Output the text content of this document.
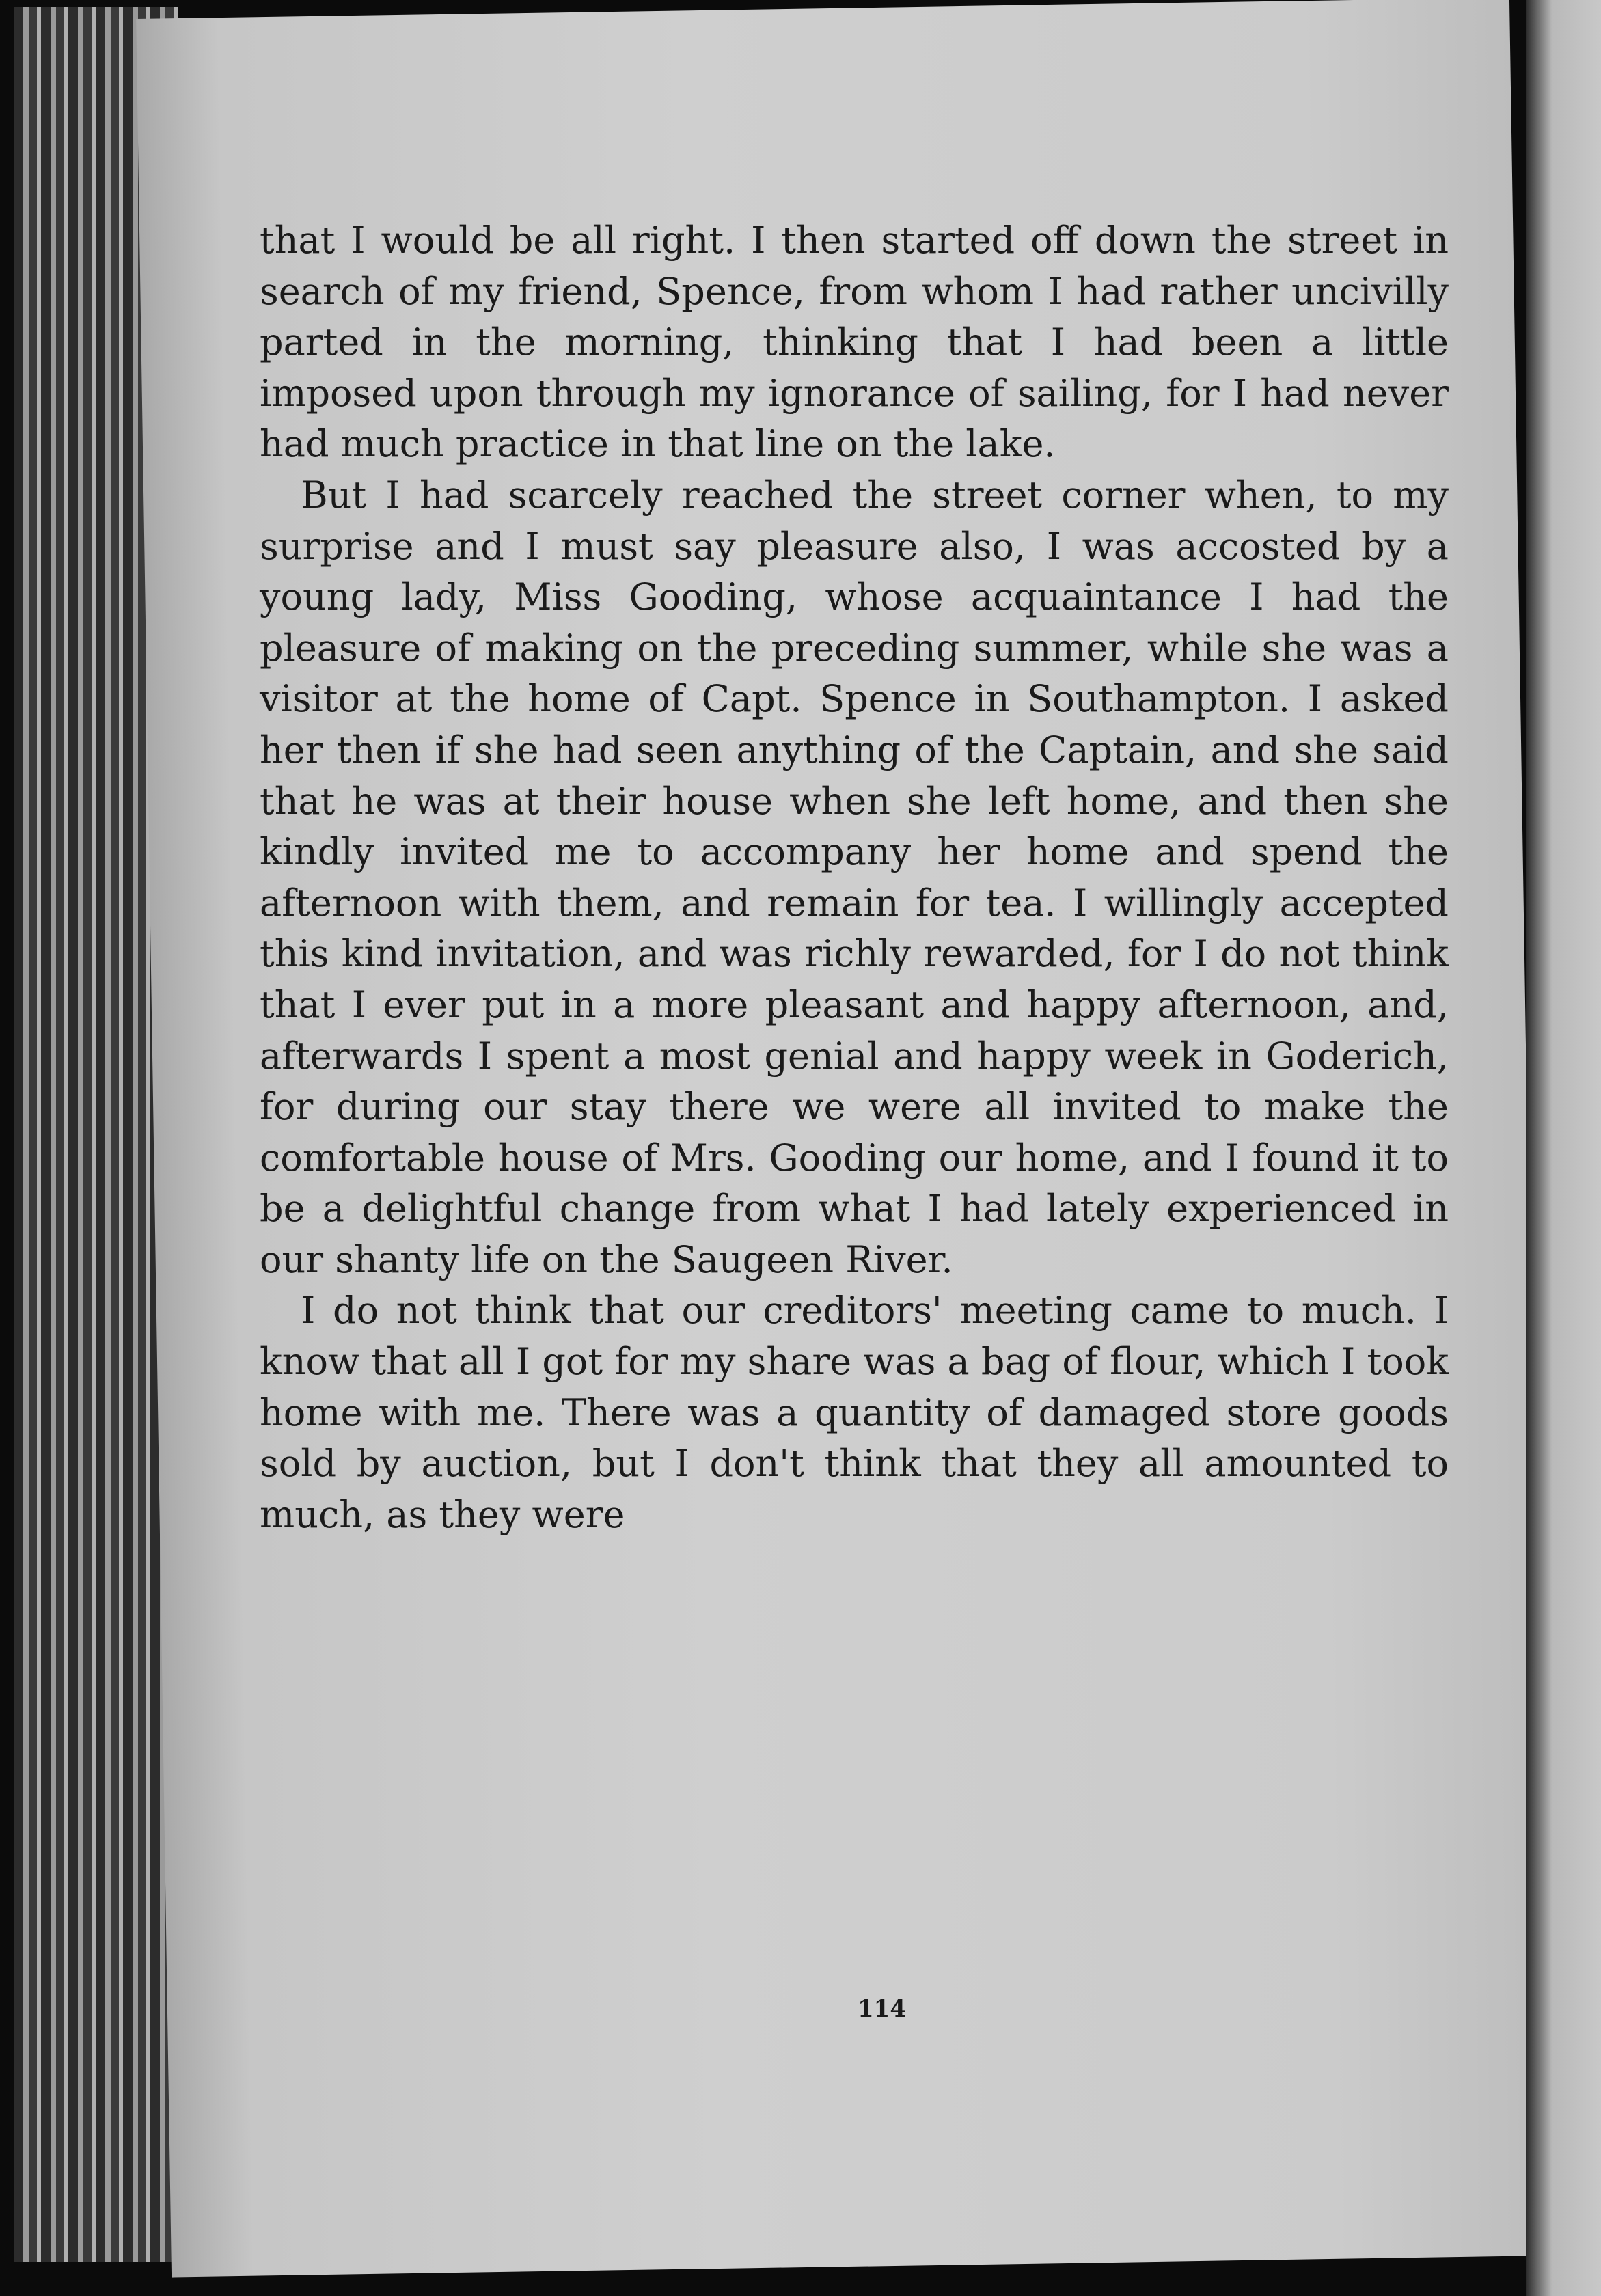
that I would be all right. I then started off down the street in search of my friend, Spence, from whom I had rather uncivilly parted in the morning, thinking that I had been a little imposed upon through my ignorance of sailing, for I had never had much practice in that line on the lake.

But I had scarcely reached the street corner when, to my surprise and I must say pleasure also, I was accosted by a young lady, Miss Gooding, whose acquaintance I had the pleasure of making on the preceding summer, while she was a visitor at the home of Capt. Spence in Southampton. I asked her then if she had seen anything of the Captain, and she said that he was at their house when she left home, and then she kindly invited me to accompany her home and spend the afternoon with them, and remain for tea. I willingly accepted this kind invitation, and was richly rewarded, for I do not think that I ever put in a more pleasant and happy afternoon, and, afterwards I spent a most genial and happy week in Goderich, for during our stay there we were all invited to make the comfortable house of Mrs. Gooding our home, and I found it to be a delightful change from what I had lately experienced in our shanty life on the Saugeen River.

I do not think that our creditors' meeting came to much. I know that all I got for my share was a bag of flour, which I took home with me. There was a quantity of damaged store goods sold by auction, but I don't think that they all amounted to much, as they were

114
